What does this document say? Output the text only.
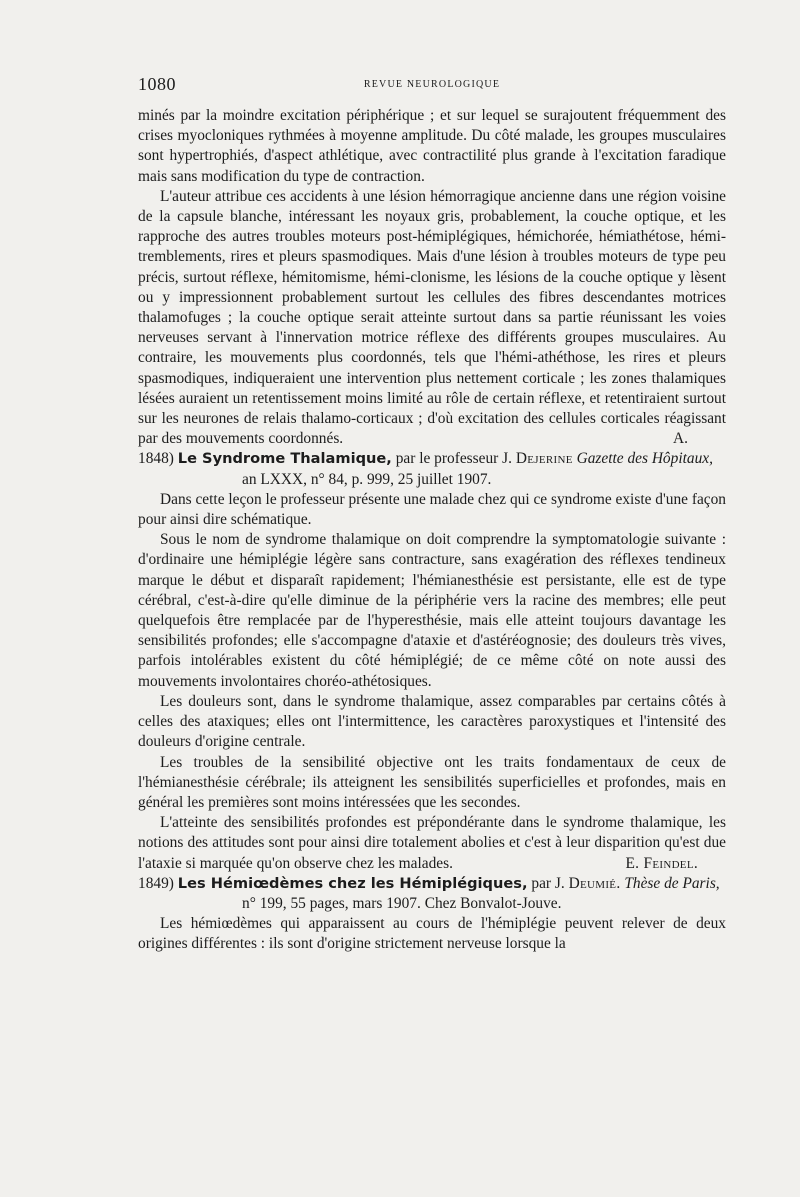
1080	REVUE NEUROLOGIQUE

minés par la moindre excitation périphérique ; et sur lequel se surajoutent fréquemment des crises myocloniques rythmées à moyenne amplitude. Du côté malade, les groupes musculaires sont hypertrophiés, d'aspect athlétique, avec contractilité plus grande à l'excitation faradique mais sans modification du type de contraction.

L'auteur attribue ces accidents à une lésion hémorragique ancienne dans une région voisine de la capsule blanche, intéressant les noyaux gris, probablement, la couche optique, et les rapproche des autres troubles moteurs post-hémiplégiques, hémichorée, hémiathétose, hémi-tremblements, rires et pleurs spasmodiques. Mais d'une lésion à troubles moteurs de type peu précis, surtout réflexe, hémitomisme, hémi-clonisme, les lésions de la couche optique y lèsent ou y impressionnent probablement surtout les cellules des fibres descendantes motrices thalamofuges ; la couche optique serait atteinte surtout dans sa partie réunissant les voies nerveuses servant à l'innervation motrice réflexe des différents groupes musculaires. Au contraire, les mouvements plus coordonnés, tels que l'hémi-athéthose, les rires et pleurs spasmodiques, indiqueraient une intervention plus nettement corticale ; les zones thalamiques lésées auraient un retentissement moins limité au rôle de certain réflexe, et retentiraient surtout sur les neurones de relais thalamo-corticaux ; d'où excitation des cellules corticales réagissant par des mouvements coordonnés.	A.

1848) Le Syndrome Thalamique, par le professeur J. Dejerine Gazette des Hôpitaux, an LXXX, n° 84, p. 999, 25 juillet 1907.

Dans cette leçon le professeur présente une malade chez qui ce syndrome existe d'une façon pour ainsi dire schématique.

Sous le nom de syndrome thalamique on doit comprendre la symptomatologie suivante : d'ordinaire une hémiplégie légère sans contracture, sans exagération des réflexes tendineux marque le début et disparaît rapidement; l'hémianesthésie est persistante, elle est de type cérébral, c'est-à-dire qu'elle diminue de la périphérie vers la racine des membres; elle peut quelquefois être remplacée par de l'hyperesthésie, mais elle atteint toujours davantage les sensibilités profondes; elle s'accompagne d'ataxie et d'astéréognosie; des douleurs très vives, parfois intolérables existent du côté hémiplégié; de ce même côté on note aussi des mouvements involontaires choréo-athétosiques.

Les douleurs sont, dans le syndrome thalamique, assez comparables par certains côtés à celles des ataxiques; elles ont l'intermittence, les caractères paroxystiques et l'intensité des douleurs d'origine centrale.

Les troubles de la sensibilité objective ont les traits fondamentaux de ceux de l'hémianesthésie cérébrale; ils atteignent les sensibilités superficielles et profondes, mais en général les premières sont moins intéressées que les secondes.

L'atteinte des sensibilités profondes est prépondérante dans le syndrome thalamique, les notions des attitudes sont pour ainsi dire totalement abolies et c'est à leur disparition qu'est due l'ataxie si marquée qu'on observe chez les malades.	E. Feindel.

1849) Les Hémiœdèmes chez les Hémiplégiques, par J. Deumié. Thèse de Paris, n° 199, 55 pages, mars 1907. Chez Bonvalot-Jouve.

Les hémiœdèmes qui apparaissent au cours de l'hémiplégie peuvent relever de deux origines différentes : ils sont d'origine strictement nerveuse lorsque la
